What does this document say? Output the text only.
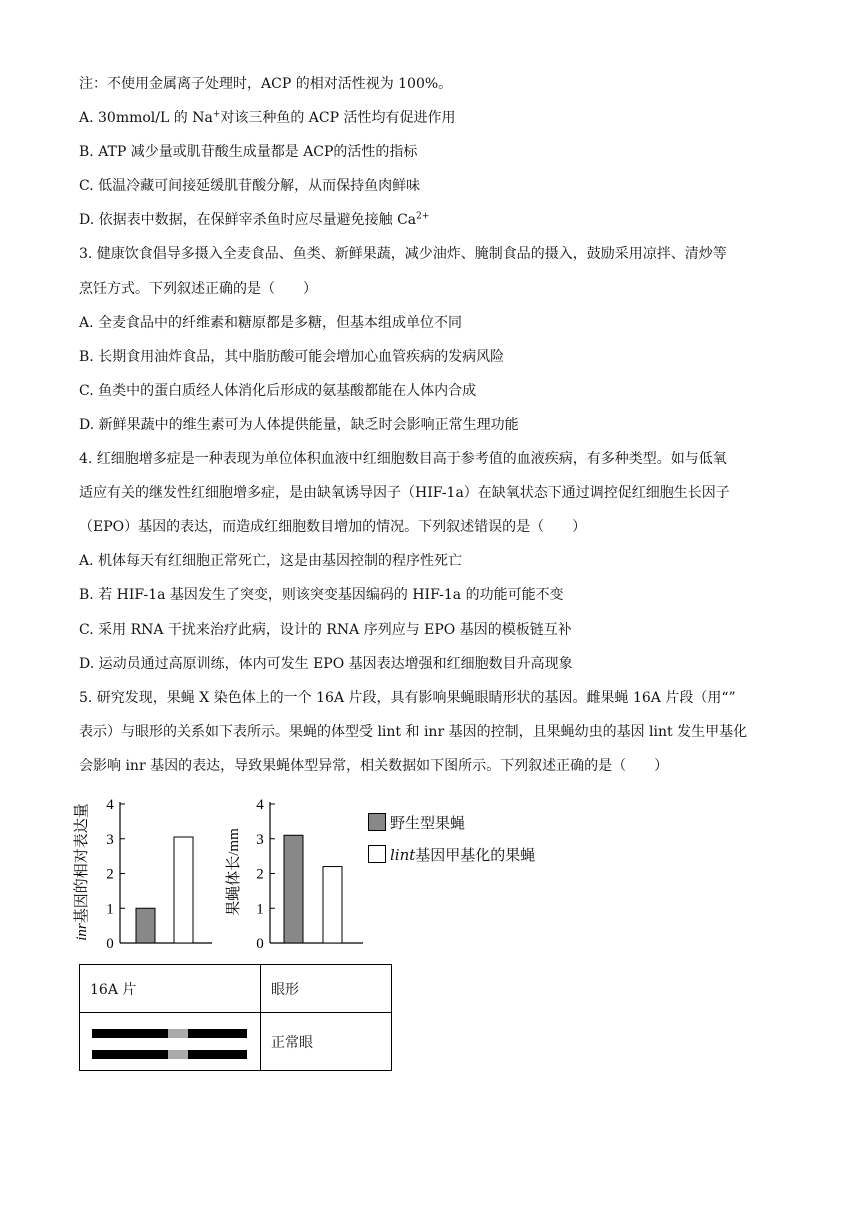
注：不使用金属离子处理时，ACP 的相对活性视为 100%。
A. 30mmol/L 的 Na+对该三种鱼的 ACP 活性均有促进作用
B. ATP 减少量或肌苷酸生成量都是 ACP的活性的指标
C. 低温冷藏可间接延缓肌苷酸分解，从而保持鱼肉鲜味
D. 依据表中数据，在保鲜宰杀鱼时应尽量避免接触 $Ca^{2+}$
3. 健康饮食倡导多摄入全麦食品、鱼类、新鲜果蔬，减少油炸、腌制食品的摄入，鼓励采用凉拌、清炒等
烹饪方式。下列叙述正确的是（　　）
A. 全麦食品中的纤维素和糖原都是多糖，但基本组成单位不同
B. 长期食用油炸食品，其中脂肪酸可能会增加心血管疾病的发病风险
C. 鱼类中的蛋白质经人体消化后形成的氨基酸都能在人体内合成
D. 新鲜果蔬中的维生素可为人体提供能量，缺乏时会影响正常生理功能
4. 红细胞增多症是一种表现为单位体积血液中红细胞数目高于参考值的血液疾病，有多种类型。如与低氧
适应有关的继发性红细胞增多症，是由缺氧诱导因子（HIF-1a）在缺氧状态下通过调控促红细胞生长因子
（EPO）基因的表达，而造成红细胞数目增加的情况。下列叙述错误的是（　　）
A. 机体每天有红细胞正常死亡，这是由基因控制的程序性死亡
B. 若 HIF-1a 基因发生了突变，则该突变基因编码的 HIF-1a 的功能可能不变
C. 采用 RNA 干扰来治疗此病，设计的 RNA 序列应与 EPO 基因的模板链互补
D. 运动员通过高原训练，体内可发生 EPO 基因表达增强和红细胞数目升高现象
5. 研究发现，果蝇 X 染色体上的一个 16A 片段，具有影响果蝇眼睛形状的基因。雌果蝇 16A 片段（用“”
表示）与眼形的关系如下表所示。果蝇的体型受 lint 和 inr 基因的控制，且果蝇幼虫的基因 lint 发生甲基化
会影响 inr 基因的表达，导致果蝇体型异常，相关数据如下图所示。下列叙述正确的是（　　）
inr基因的相对表达量
0
1
2
3
4
果蝇体长/mm
0
1
2
3
4
野生型果蝇
lint基因甲基化的果蝇
16A 片	眼形

	正常眼
